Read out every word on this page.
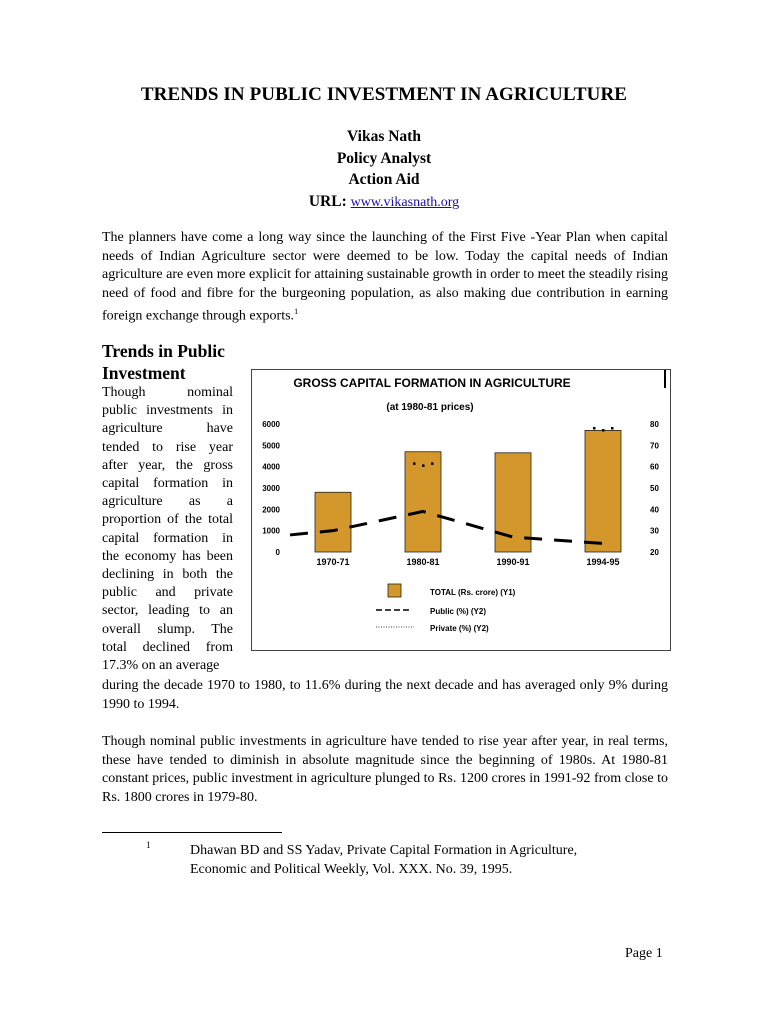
TRENDS IN PUBLIC INVESTMENT IN AGRICULTURE
Vikas Nath
Policy Analyst
Action Aid
URL: www.vikasnath.org

The planners have come a long way since the launching of the First Five -Year Plan when capital needs of Indian Agriculture sector were deemed to be low. Today the capital needs of Indian agriculture are even more explicit for attaining sustainable growth in order to meet the steadily rising need of food and fibre for the burgeoning population, as also making due contribution in earning foreign exchange through exports.$^1$

Trends in Public Investment
Though nominal
public investments in
agriculture have
tended to rise year
after year, the gross
capital formation in
agriculture as a
proportion of the total
capital formation in
the economy has been
declining in both the
public and private
sector, leading to an
overall slump. The
total declined from
17.3% on an average
GROSS CAPITAL FORMATION IN AGRICULTURE
(at 1980-81 prices)
6000
5000
4000
3000
2000
1000
0
80
70
60
50
40
30
20
1970-71	1980-81	1990-91	1994-95
TOTAL (Rs. crore) (Y1)
Public (%) (Y2)
Private (%) (Y2)
during the decade 1970 to 1980, to 11.6% during the next decade and has averaged only 9% during 1990 to 1994.

Though nominal public investments in agriculture have tended to rise year after year, in real terms, these have tended to diminish in absolute magnitude since the beginning of 1980s. At 1980-81 constant prices, public investment in agriculture plunged to Rs. 1200 crores in 1991-92 from close to Rs. 1800 crores in 1979-80.

1	Dhawan BD and SS Yadav, Private Capital Formation in Agriculture,
Economic and Political Weekly, Vol. XXX. No. 39, 1995.
Page 1
